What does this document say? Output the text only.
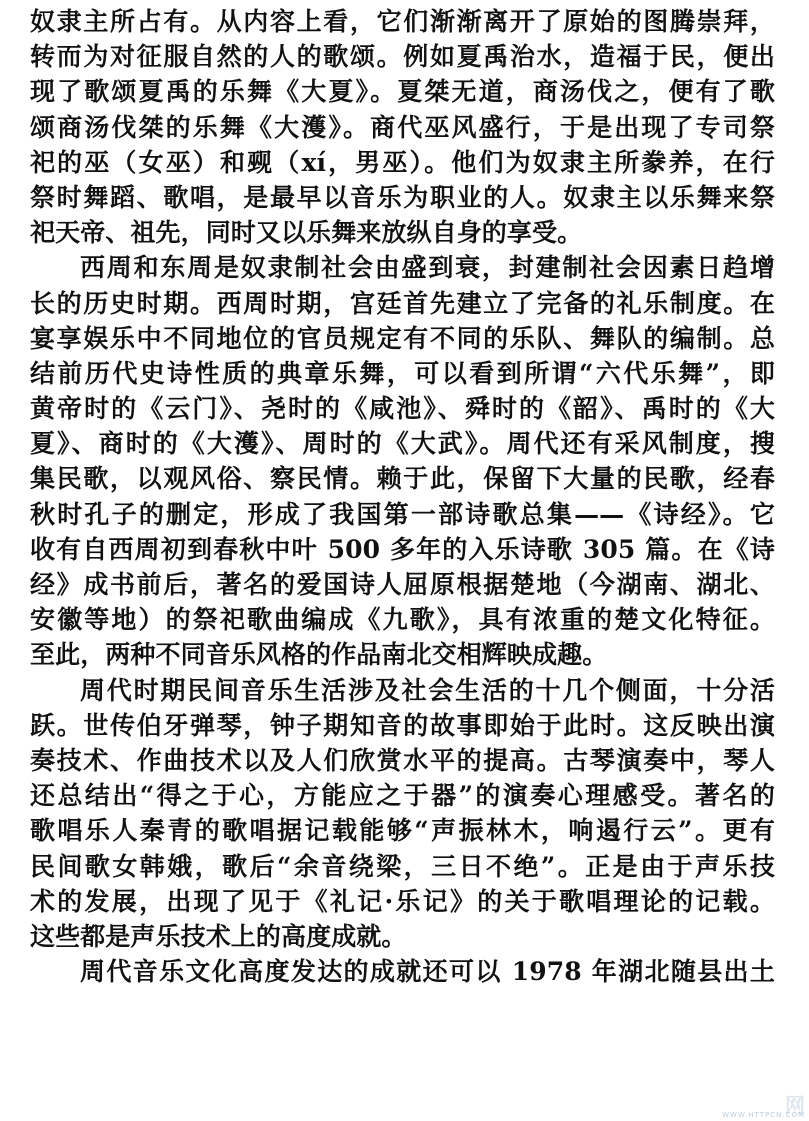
奴隶主所占有。从内容上看，它们渐渐离开了原始的图腾崇拜，
转而为对征服自然的人的歌颂。例如夏禹治水，造福于民，便出
现了歌颂夏禹的乐舞《大夏》。夏桀无道，商汤伐之，便有了歌
颂商汤伐桀的乐舞《大濩》。商代巫风盛行，于是出现了专司祭
祀的巫（女巫）和觋（xí，男巫）。他们为奴隶主所豢养，在行
祭时舞蹈、歌唱，是最早以音乐为职业的人。奴隶主以乐舞来祭
祀天帝、祖先，同时又以乐舞来放纵自身的享受。
西周和东周是奴隶制社会由盛到衰，封建制社会因素日趋增
长的历史时期。西周时期，宫廷首先建立了完备的礼乐制度。在
宴享娱乐中不同地位的官员规定有不同的乐队、舞队的编制。总
结前历代史诗性质的典章乐舞，可以看到所谓“六代乐舞”，即
黄帝时的《云门》、尧时的《咸池》、舜时的《韶》、禹时的《大
夏》、商时的《大濩》、周时的《大武》。周代还有采风制度，搜
集民歌，以观风俗、察民情。赖于此，保留下大量的民歌，经春
秋时孔子的删定，形成了我国第一部诗歌总集——《诗经》。它
收有自西周初到春秋中叶 500 多年的入乐诗歌 305 篇。在《诗
经》成书前后，著名的爱国诗人屈原根据楚地（今湖南、湖北、
安徽等地）的祭祀歌曲编成《九歌》，具有浓重的楚文化特征。
至此，两种不同音乐风格的作品南北交相辉映成趣。
周代时期民间音乐生活涉及社会生活的十几个侧面，十分活
跃。世传伯牙弹琴，钟子期知音的故事即始于此时。这反映出演
奏技术、作曲技术以及人们欣赏水平的提高。古琴演奏中，琴人
还总结出“得之于心，方能应之于器”的演奏心理感受。著名的
歌唱乐人秦青的歌唱据记载能够“声振林木，响遏行云”。更有
民间歌女韩娥，歌后“余音绕梁，三日不绝”。正是由于声乐技
术的发展，出现了见于《礼记·乐记》的关于歌唱理论的记载。
这些都是声乐技术上的高度成就。
周代音乐文化高度发达的成就还可以 1978 年湖北随县出土
网
WWW.HTTPCN.COM
